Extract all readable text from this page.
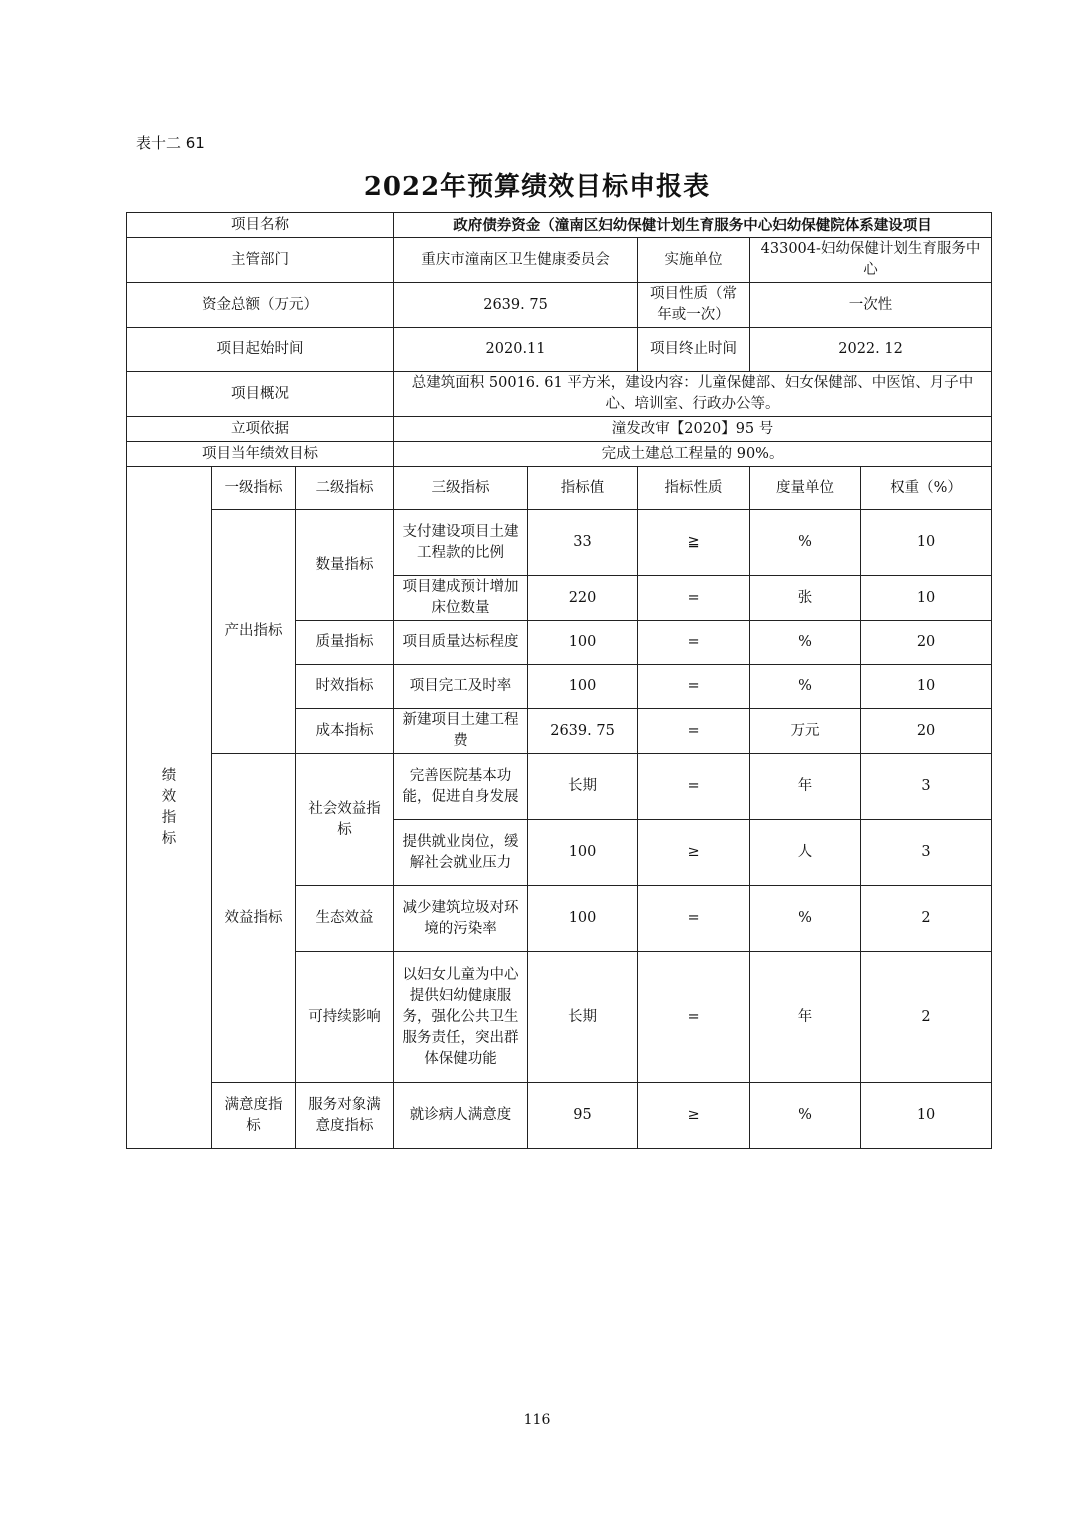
表十二 61
2022年预算绩效目标申报表
项目名称			政府债券资金（潼南区妇幼保健计划生育服务中心妇幼保健院体系建设项目				
主管部门			重庆市潼南区卫生健康委员会		实施单位	433004-妇幼保健计划生育服务中心	
资金总额（万元）			2639. 75		项目性质（常年或一次）	一次性	
项目起始时间			2020.11		项目终止时间	2022. 12	
项目概况			总建筑面积 50016. 61 平方米，建设内容：儿童保健部、妇女保健部、中医馆、月子中心、培训室、行政办公等。				
立项依据			潼发改审【2020】95 号				
项目当年绩效目标			完成土建总工程量的 90%。				
绩效指标	一级指标	二级指标	三级指标	指标值	指标性质	度量单位	权重（%）
	产出指标	数量指标	支付建设项目土建工程款的比例	33	≧	%	10
			项目建成预计增加床位数量	220	=	张	10
		质量指标	项目质量达标程度	100	=	%	20
		时效指标	项目完工及时率	100	=	%	10
		成本指标	新建项目土建工程费	2639. 75	=	万元	20
	效益指标	社会效益指标	完善医院基本功能，促进自身发展	长期	=	年	3
			提供就业岗位，缓解社会就业压力	100	≥	人	3
		生态效益	减少建筑垃圾对环境的污染率	100	=	%	2
		可持续影响	以妇女儿童为中心提供妇幼健康服务，强化公共卫生服务责任，突出群体保健功能	长期	=	年	2
	满意度指标	服务对象满意度指标	就诊病人满意度	95	≥	%	10
116
